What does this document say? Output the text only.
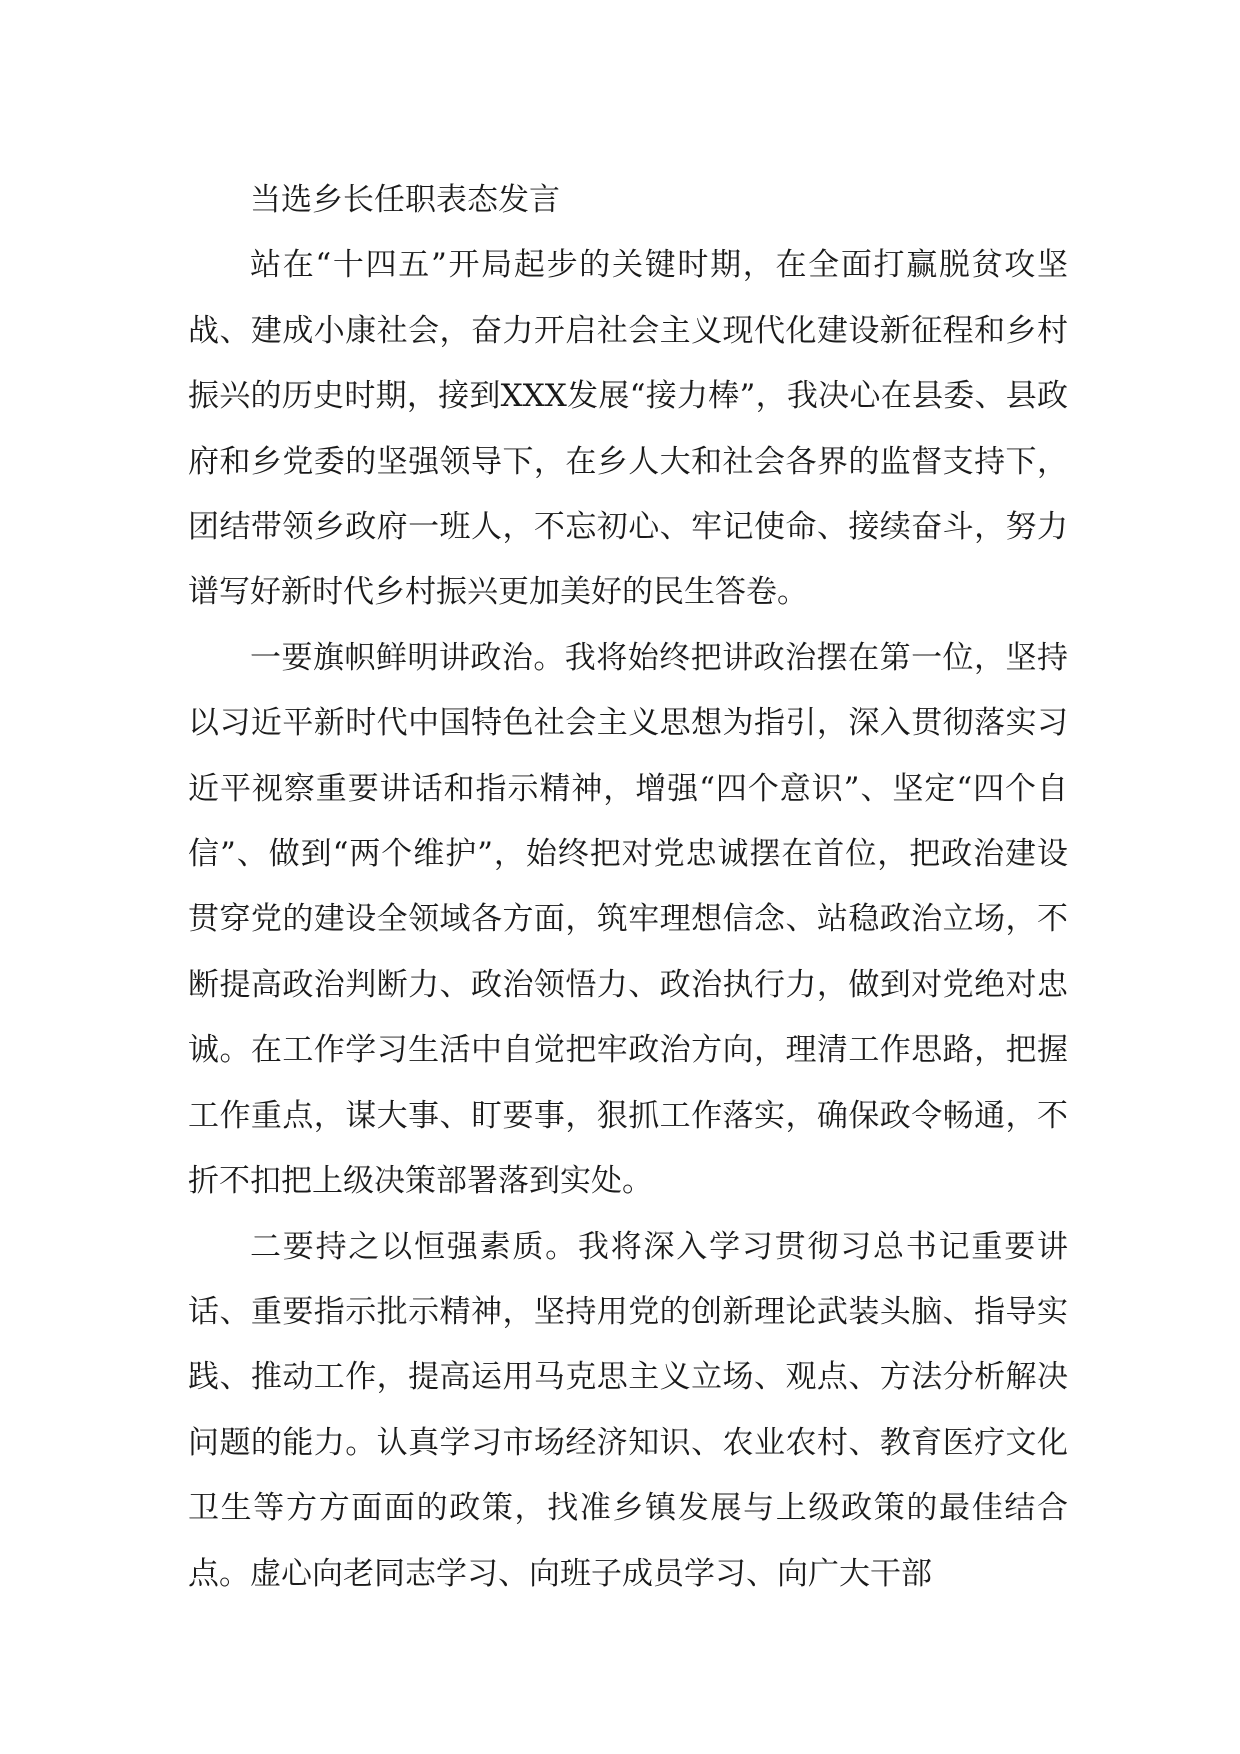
当选乡长任职表态发言

站在“十四五”开局起步的关键时期，在全面打赢脱贫攻坚战、建成小康社会，奋力开启社会主义现代化建设新征程和乡村振兴的历史时期，接到XXX发展“接力棒”，我决心在县委、县政府和乡党委的坚强领导下，在乡人大和社会各界的监督支持下，团结带领乡政府一班人，不忘初心、牢记使命、接续奋斗，努力谱写好新时代乡村振兴更加美好的民生答卷。

一要旗帜鲜明讲政治。我将始终把讲政治摆在第一位，坚持以习近平新时代中国特色社会主义思想为指引，深入贯彻落实习近平视察重要讲话和指示精神，增强“四个意识”、坚定“四个自信”、做到“两个维护”，始终把对党忠诚摆在首位，把政治建设贯穿党的建设全领域各方面，筑牢理想信念、站稳政治立场，不断提高政治判断力、政治领悟力、政治执行力，做到对党绝对忠诚。在工作学习生活中自觉把牢政治方向，理清工作思路，把握工作重点，谋大事、盯要事，狠抓工作落实，确保政令畅通，不折不扣把上级决策部署落到实处。

二要持之以恒强素质。我将深入学习贯彻习总书记重要讲话、重要指示批示精神，坚持用党的创新理论武装头脑、指导实践、推动工作，提高运用马克思主义立场、观点、方法分析解决问题的能力。认真学习市场经济知识、农业农村、教育医疗文化卫生等方方面面的政策，找准乡镇发展与上级政策的最佳结合点。虚心向老同志学习、向班子成员学习、向广大干部
